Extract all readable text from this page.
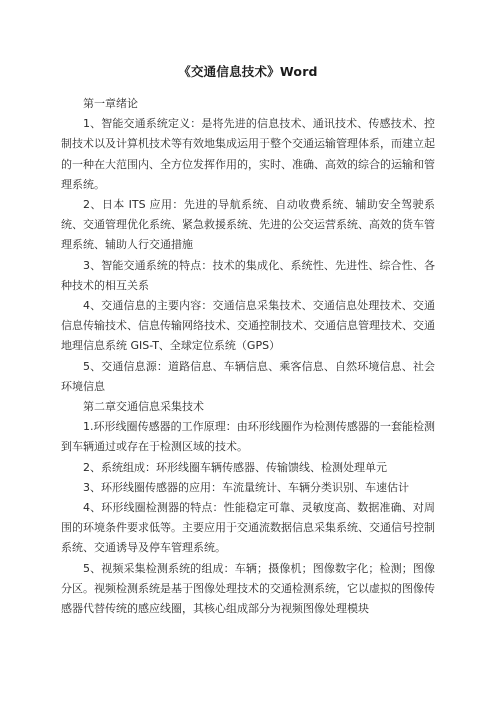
《交通信息技术》Word

第一章绪论

1、智能交通系统定义：是将先进的信息技术、通讯技术、传感技术、控制技术以及计算机技术等有效地集成运用于整个交通运输管理体系，而建立起的一种在大范围内、全方位发挥作用的，实时、准确、高效的综合的运输和管理系统。

2、日本 ITS 应用：先进的导航系统、自动收费系统、辅助安全驾驶系统、交通管理优化系统、紧急救援系统、先进的公交运营系统、高效的货车管理系统、辅助人行交通措施

3、智能交通系统的特点：技术的集成化、系统性、先进性、综合性、各种技术的相互关系

4、交通信息的主要内容：交通信息采集技术、交通信息处理技术、交通信息传输技术、信息传输网络技术、交通控制技术、交通信息管理技术、交通地理信息系统 GIS-T、全球定位系统（GPS）

5、交通信息源：道路信息、车辆信息、乘客信息、自然环境信息、社会环境信息

第二章交通信息采集技术

1.环形线圈传感器的工作原理：由环形线圈作为检测传感器的一套能检测到车辆通过或存在于检测区域的技术。

2、系统组成：环形线圈车辆传感器、传输馈线、检测处理单元

3、环形线圈传感器的应用：车流量统计、车辆分类识别、车速估计

4、环形线圈检测器的特点：性能稳定可靠、灵敏度高、数据准确、对周围的环境条件要求低等。主要应用于交通流数据信息采集系统、交通信号控制系统、交通诱导及停车管理系统。

5、视频采集检测系统的组成：车辆；摄像机；图像数字化；检测；图像分区。视频检测系统是基于图像处理技术的交通检测系统，它以虚拟的图像传感器代替传统的感应线圈，其核心组成部分为视频图像处理模块
